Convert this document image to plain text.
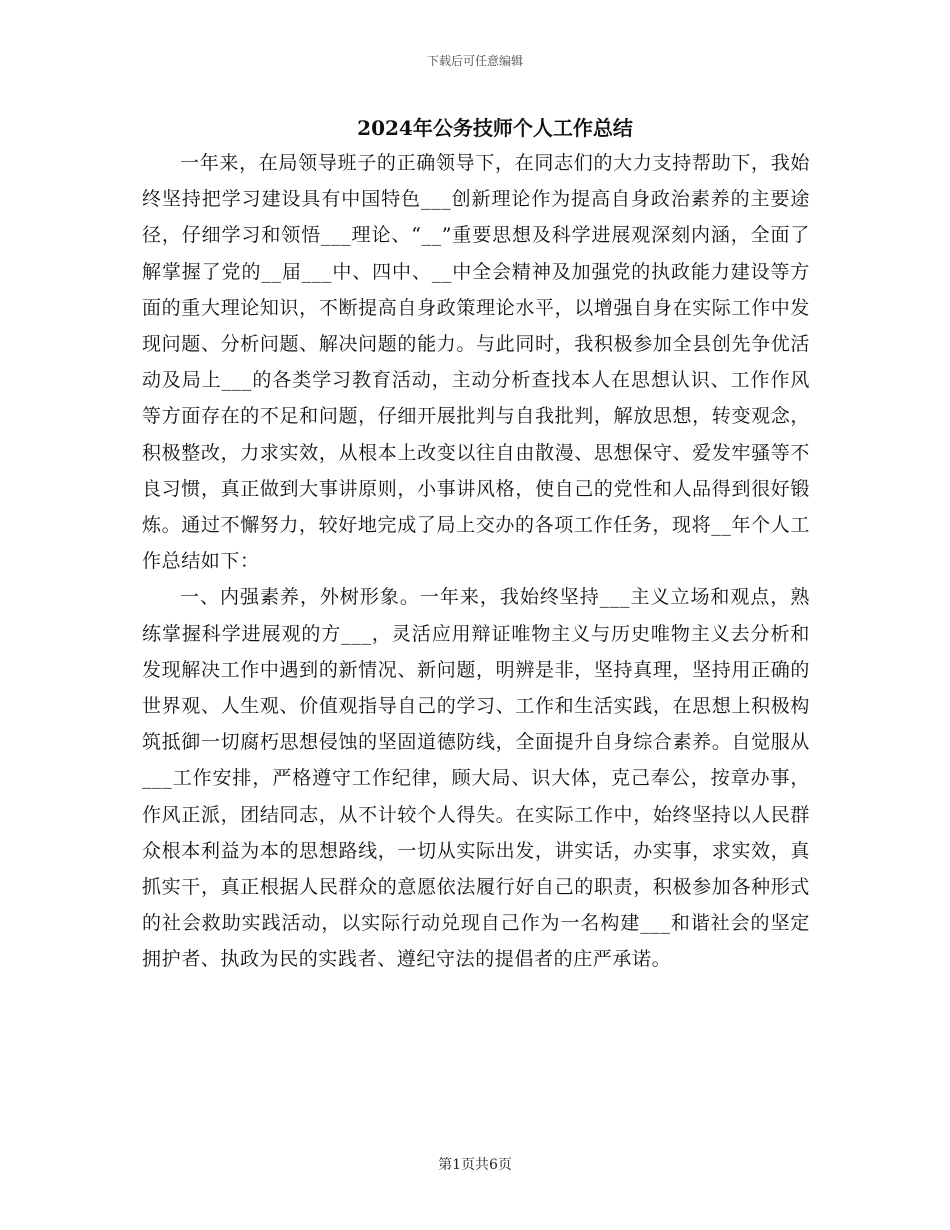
下载后可任意编辑
2024年公务技师个人工作总结

一年来，在局领导班子的正确领导下，在同志们的大力支持帮助下，我始终坚持把学习建设具有中国特色___创新理论作为提高自身政治素养的主要途径，仔细学习和领悟___理论、“__”重要思想及科学进展观深刻内涵，全面了解掌握了党的__届___中、四中、__中全会精神及加强党的执政能力建设等方面的重大理论知识，不断提高自身政策理论水平，以增强自身在实际工作中发现问题、分析问题、解决问题的能力。与此同时，我积极参加全县创先争优活动及局上___的各类学习教育活动，主动分析查找本人在思想认识、工作作风等方面存在的不足和问题，仔细开展批判与自我批判，解放思想，转变观念，积极整改，力求实效，从根本上改变以往自由散漫、思想保守、爱发牢骚等不良习惯，真正做到大事讲原则，小事讲风格，使自己的党性和人品得到很好锻炼。通过不懈努力，较好地完成了局上交办的各项工作任务，现将__年个人工作总结如下：

一、内强素养，外树形象。一年来，我始终坚持___主义立场和观点，熟练掌握科学进展观的方___，灵活应用辩证唯物主义与历史唯物主义去分析和发现解决工作中遇到的新情况、新问题，明辨是非，坚持真理，坚持用正确的世界观、人生观、价值观指导自己的学习、工作和生活实践，在思想上积极构筑抵御一切腐朽思想侵蚀的坚固道德防线，全面提升自身综合素养。自觉服从___工作安排，严格遵守工作纪律，顾大局、识大体，克己奉公，按章办事，作风正派，团结同志，从不计较个人得失。在实际工作中，始终坚持以人民群众根本利益为本的思想路线，一切从实际出发，讲实话，办实事，求实效，真抓实干，真正根据人民群众的意愿依法履行好自己的职责，积极参加各种形式的社会救助实践活动，以实际行动兑现自己作为一名构建___和谐社会的坚定拥护者、执政为民的实践者、遵纪守法的提倡者的庄严承诺。

第1页共6页
